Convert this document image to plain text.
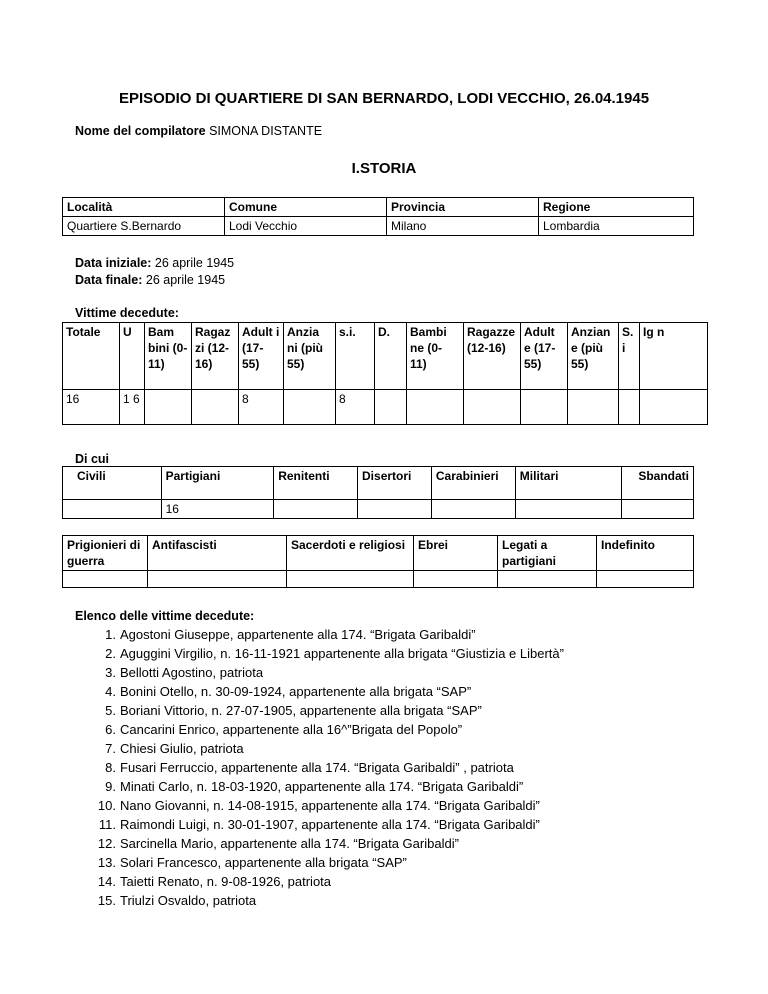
EPISODIO DI QUARTIERE DI SAN BERNARDO, LODI VECCHIO, 26.04.1945
Nome del compilatore SIMONA DISTANTE
I.STORIA
Località	Comune	Provincia	Regione
Quartiere S.Bernardo	Lodi Vecchio	Milano	Lombardia
Data iniziale: 26 aprile 1945
Data finale: 26 aprile 1945
Vittime decedute:
Totale	U	Bam bini (0- 11)	Ragaz zi (12- 16)	Adult i (17- 55)	Anzia ni (più 55)	s.i.	D.	Bambi ne (0- 11)	Ragazze (12-16)	Adult e (17- 55)	Anzian e (più 55)	S. i	Ig n
16	1 6			8		8							
Di cui
Civili	Partigiani	Renitenti	Disertori	Carabinieri	Militari	Sbandati
	16					
Prigionieri di guerra	Antifascisti	Sacerdoti e religiosi	Ebrei	Legati a partigiani	Indefinito

Elenco delle vittime decedute:
1. Agostoni Giuseppe, appartenente alla 174. “Brigata Garibaldi”
2. Aguggini Virgilio, n. 16-11-1921 appartenente alla brigata “Giustizia e Libertà”
3. Bellotti Agostino, patriota
4. Bonini Otello, n. 30-09-1924, appartenente alla brigata “SAP”
5. Boriani Vittorio, n. 27-07-1905, appartenente alla brigata “SAP”
6. Cancarini Enrico, appartenente alla 16^”Brigata del Popolo”
7. Chiesi Giulio, patriota
8. Fusari Ferruccio, appartenente alla 174. “Brigata Garibaldi” , patriota
9. Minati Carlo, n. 18-03-1920, appartenente alla 174. “Brigata Garibaldi”
10. Nano Giovanni, n. 14-08-1915, appartenente alla 174. “Brigata Garibaldi”
11. Raimondi Luigi, n. 30-01-1907, appartenente alla 174. “Brigata Garibaldi”
12. Sarcinella Mario, appartenente alla 174. “Brigata Garibaldi”
13. Solari Francesco, appartenente alla brigata “SAP”
14. Taietti Renato, n. 9-08-1926, patriota
15. Triulzi Osvaldo, patriota
